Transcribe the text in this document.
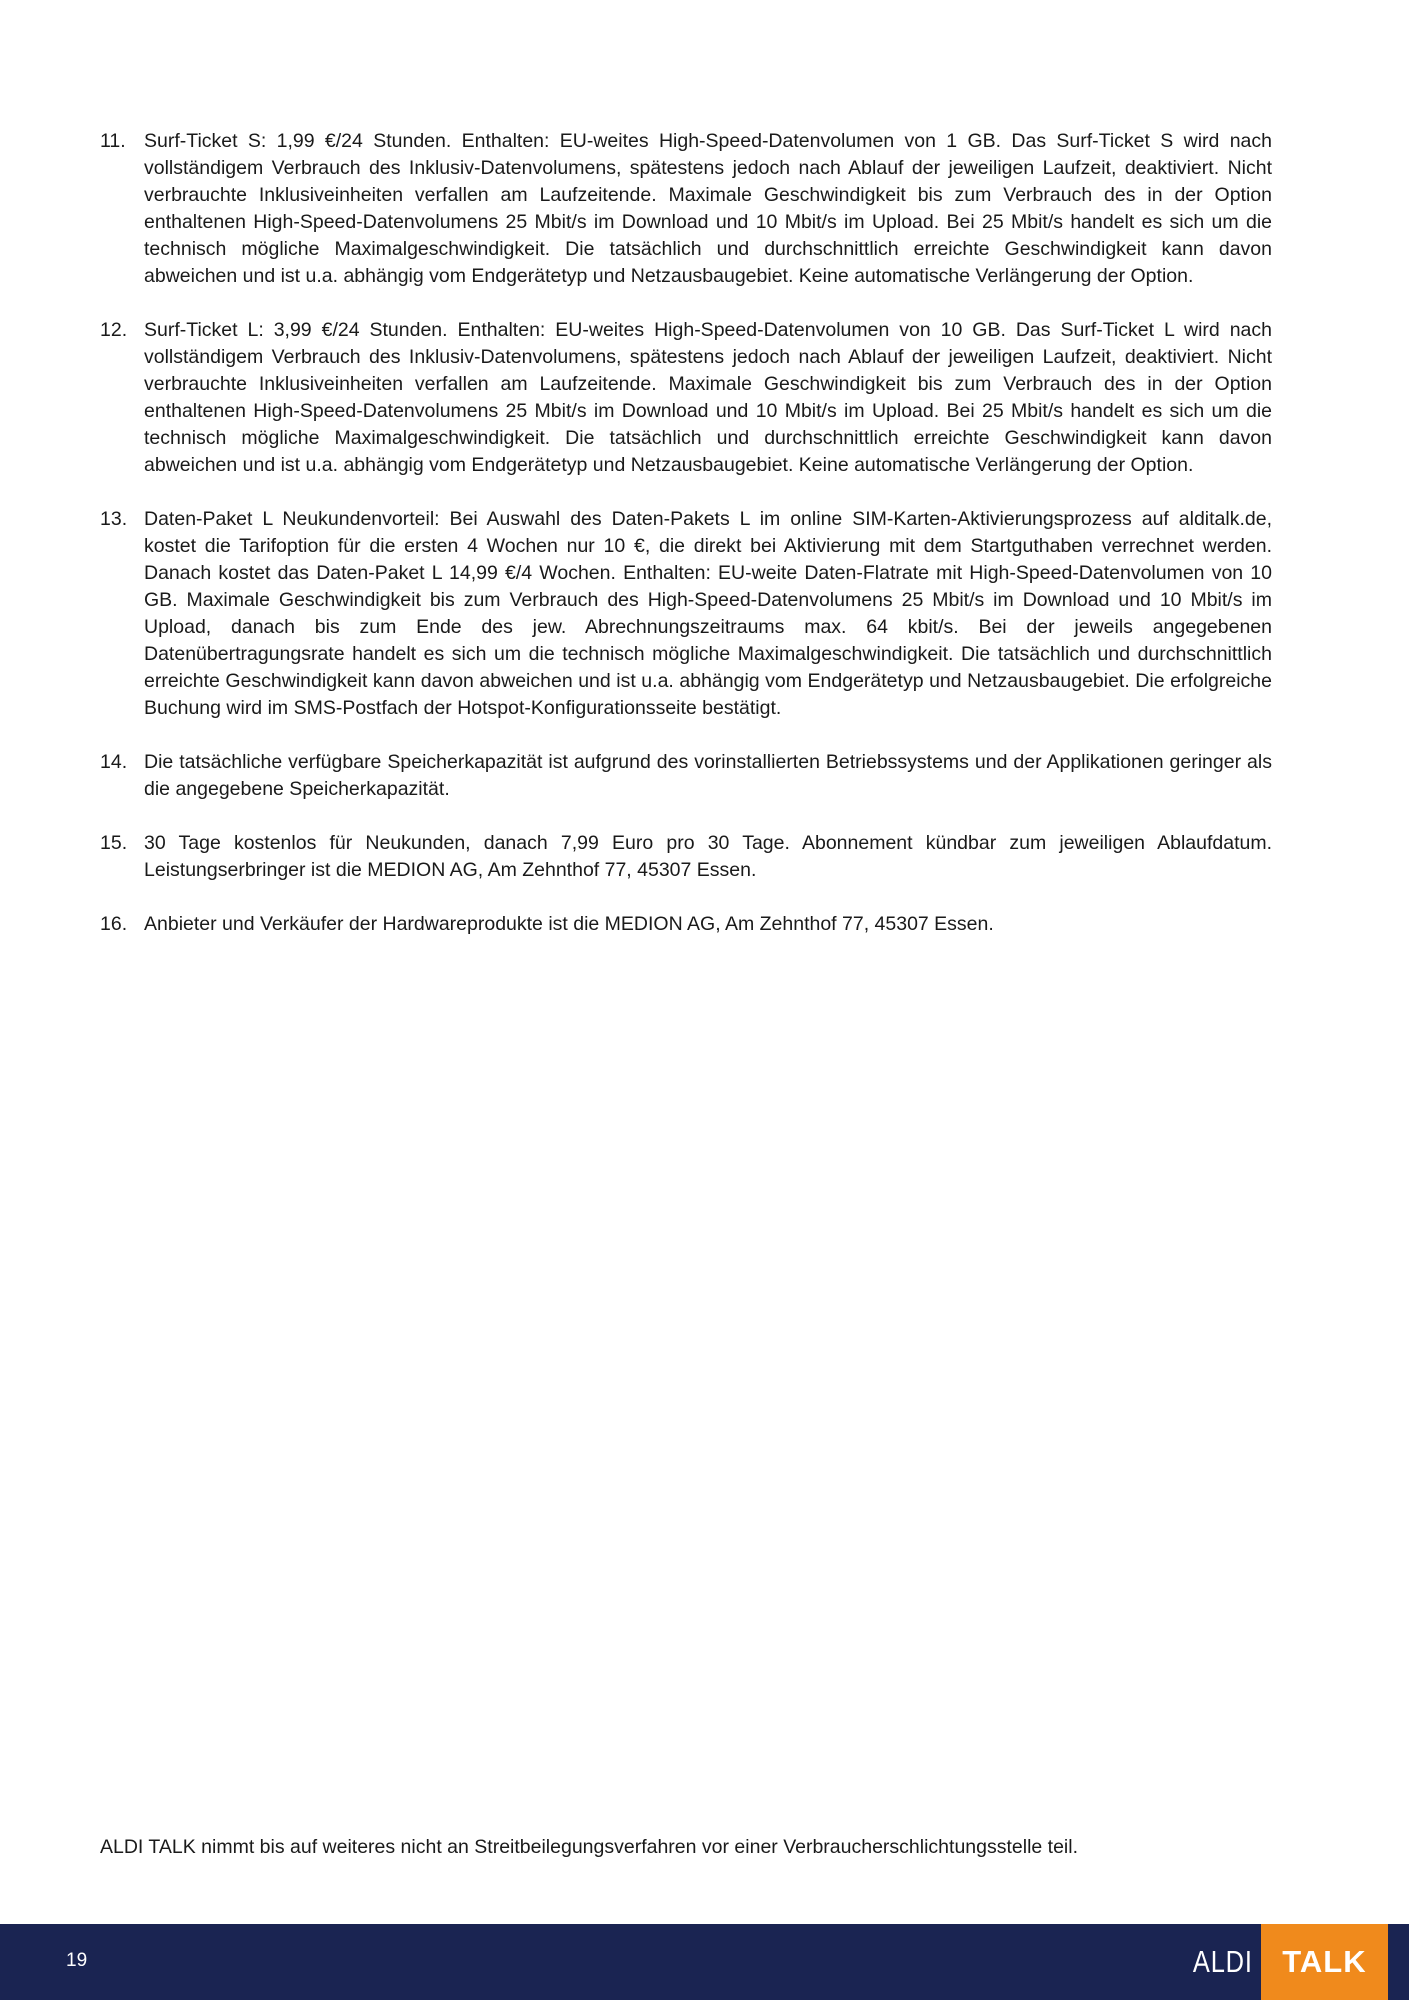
11. Surf-Ticket S: 1,99 €/24 Stunden. Enthalten: EU-weites High-Speed-Datenvolumen von 1 GB. Das Surf-Ticket S wird nach vollständigem Verbrauch des Inklusiv-Datenvolumens, spätestens jedoch nach Ablauf der jeweiligen Laufzeit, deaktiviert. Nicht verbrauchte Inklusiveinheiten verfallen am Laufzeitende. Maximale Geschwindigkeit bis zum Verbrauch des in der Option enthaltenen High-Speed-Datenvolumens 25 Mbit/s im Download und 10 Mbit/s im Upload. Bei 25 Mbit/s handelt es sich um die technisch mögliche Maximalgeschwindigkeit. Die tatsächlich und durchschnittlich erreichte Geschwindigkeit kann davon abweichen und ist u.a. abhängig vom Endgerätetyp und Netzausbaugebiet. Keine automatische Verlängerung der Option.
12. Surf-Ticket L: 3,99 €/24 Stunden. Enthalten: EU-weites High-Speed-Datenvolumen von 10 GB. Das Surf-Ticket L wird nach vollständigem Verbrauch des Inklusiv-Datenvolumens, spätestens jedoch nach Ablauf der jeweiligen Laufzeit, deaktiviert. Nicht verbrauchte Inklusiveinheiten verfallen am Laufzeitende. Maximale Geschwindigkeit bis zum Verbrauch des in der Option enthaltenen High-Speed-Datenvolumens 25 Mbit/s im Download und 10 Mbit/s im Upload. Bei 25 Mbit/s handelt es sich um die technisch mögliche Maximalgeschwindigkeit. Die tatsächlich und durchschnittlich erreichte Geschwindigkeit kann davon abweichen und ist u.a. abhängig vom Endgerätetyp und Netzausbaugebiet. Keine automatische Verlängerung der Option.
13. Daten-Paket L Neukundenvorteil: Bei Auswahl des Daten-Pakets L im online SIM-Karten-Aktivierungsprozess auf alditalk.de, kostet die Tarifoption für die ersten 4 Wochen nur 10 €, die direkt bei Aktivierung mit dem Startguthaben verrechnet werden. Danach kostet das Daten-Paket L 14,99 €/4 Wochen. Enthalten: EU-weite Daten-Flatrate mit High-Speed-Datenvolumen von 10 GB. Maximale Geschwindigkeit bis zum Verbrauch des High-Speed-Datenvolumens 25 Mbit/s im Download und 10 Mbit/s im Upload, danach bis zum Ende des jew. Abrechnungszeitraums max. 64 kbit/s. Bei der jeweils angegebenen Datenübertragungsrate handelt es sich um die technisch mögliche Maximalgeschwindigkeit. Die tatsächlich und durchschnittlich erreichte Geschwindigkeit kann davon abweichen und ist u.a. abhängig vom Endgerätetyp und Netzausbaugebiet. Die erfolgreiche Buchung wird im SMS-Postfach der Hotspot-Konfigurationsseite bestätigt.
14. Die tatsächliche verfügbare Speicherkapazität ist aufgrund des vorinstallierten Betriebssystems und der Applikationen geringer als die angegebene Speicherkapazität.
15. 30 Tage kostenlos für Neukunden, danach 7,99 Euro pro 30 Tage. Abonnement kündbar zum jeweiligen Ablaufdatum. Leistungserbringer ist die MEDION AG, Am Zehnthof 77, 45307 Essen.
16. Anbieter und Verkäufer der Hardwareprodukte ist die MEDION AG, Am Zehnthof 77, 45307 Essen.

ALDI TALK nimmt bis auf weiteres nicht an Streitbeilegungsverfahren vor einer Verbraucherschlichtungsstelle teil.

19	ALDI TALK
